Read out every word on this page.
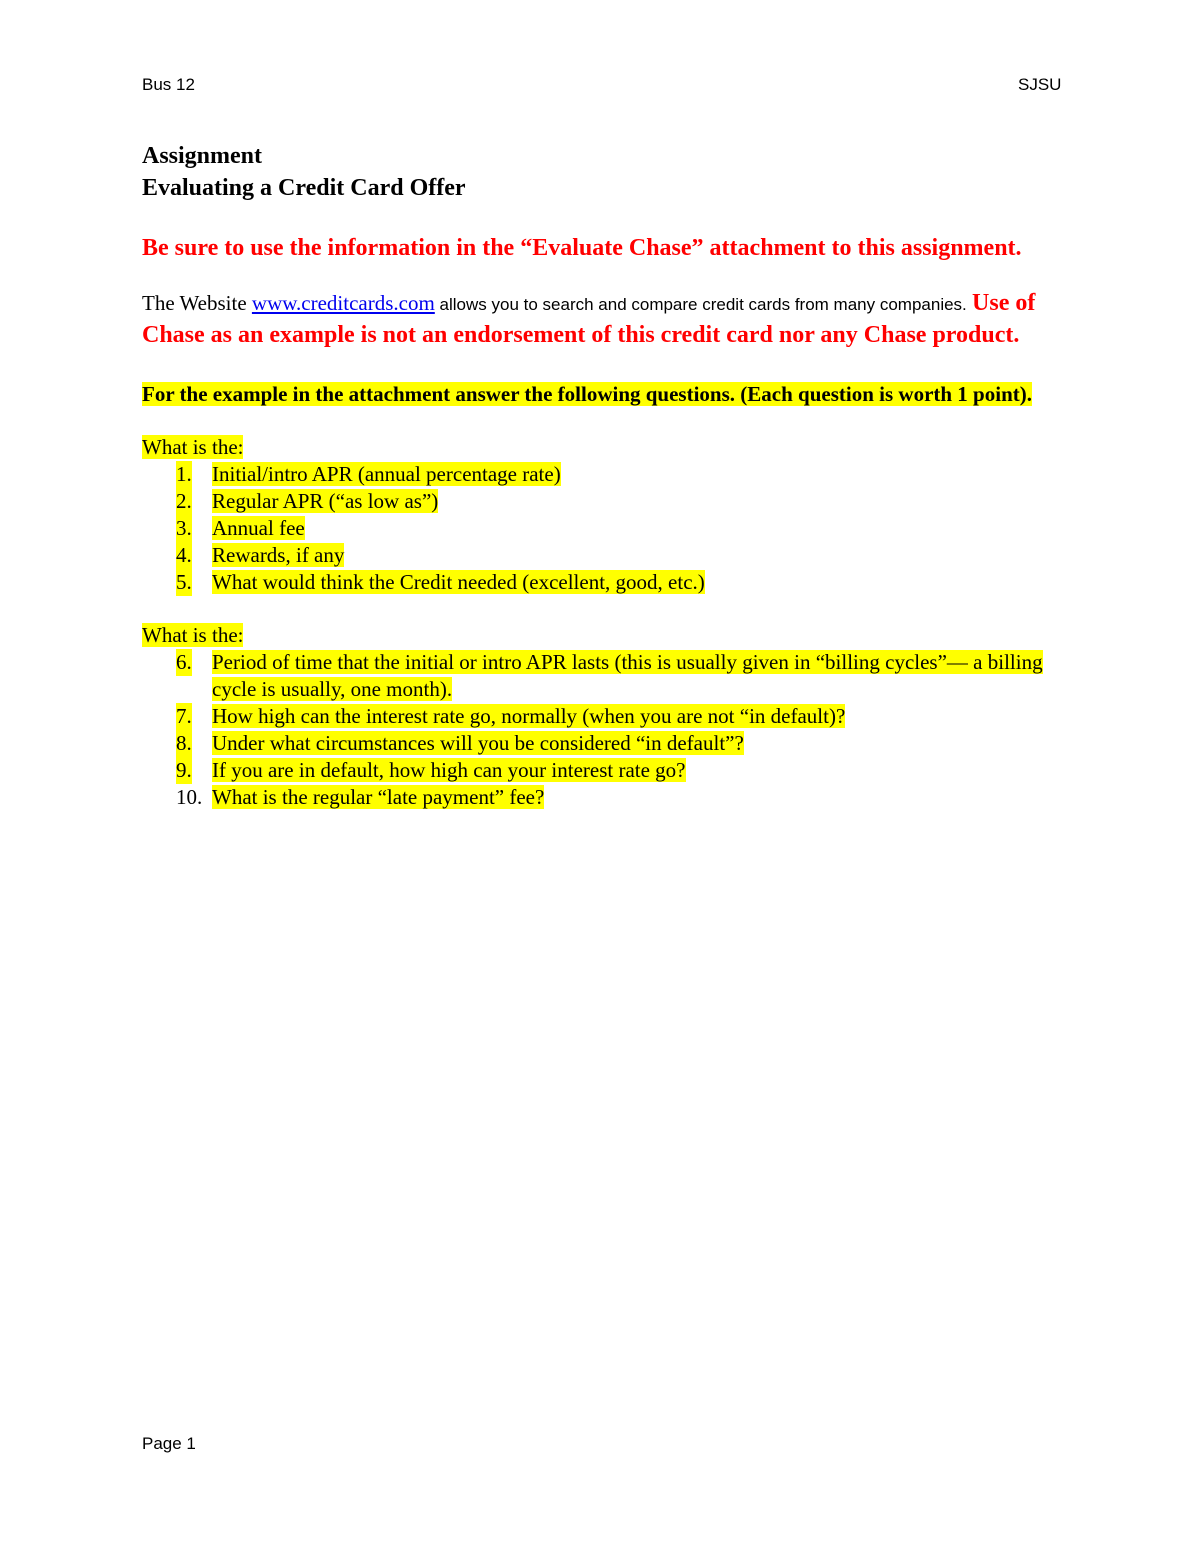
Bus 12	SJSU

Assignment

Evaluating a Credit Card Offer

Be sure to use the information in the “Evaluate Chase” attachment to this assignment.

The Website www.creditcards.com allows you to search and compare credit cards from many companies. Use of Chase as an example is not an endorsement of this credit card nor any Chase product.

For the example in the attachment answer the following questions. (Each question is worth 1 point).

What is the:

1. Initial/intro APR (annual percentage rate)
2. Regular APR (“as low as”)
3. Annual fee
4. Rewards, if any
5. What would think the Credit needed (excellent, good, etc.)

What is the:

6. Period of time that the initial or intro APR lasts (this is usually given in “billing cycles”— a billing cycle is usually, one month).
7. How high can the interest rate go, normally (when you are not “in default)?
8. Under what circumstances will you be considered “in default”?
9. If you are in default, how high can your interest rate go?
10. What is the regular “late payment” fee?
Page 1
